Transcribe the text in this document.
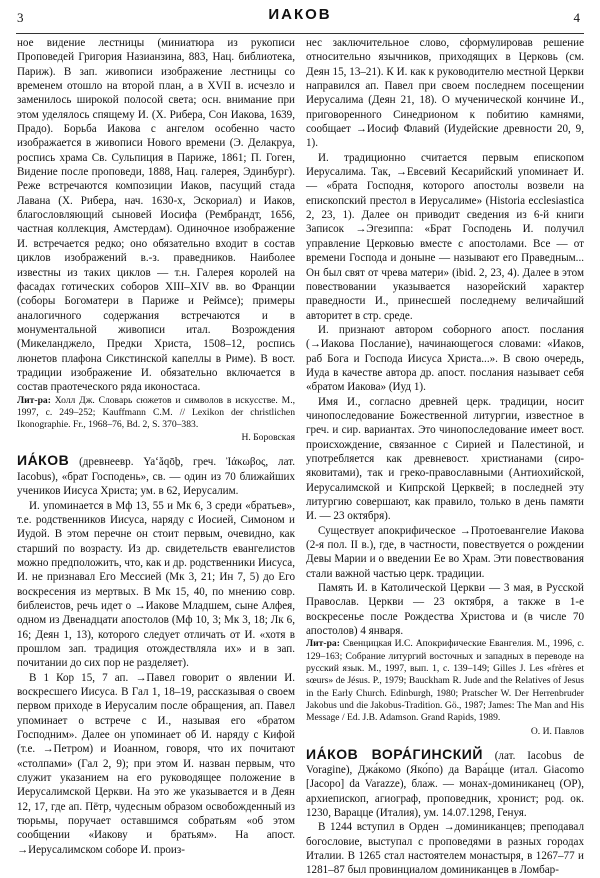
3	ИАКОВ	4

ное видение лестницы (миниатюра из рукописи Проповедей Григория Назианзина, 883, Нац. библиотека, Париж). В зап. живописи изображение лестницы со временем отошло на второй план, а в XVII в. исчезло и заменилось широкой полосой света; осн. внимание при этом уделялось спящему И. (Х. Рибера, Сон Иакова, 1639, Прадо). Борьба Иакова с ангелом особенно часто изображается в живописи Нового времени (Э. Делакруа, роспись храма Св. Сульпиция в Париже, 1861; П. Гоген, Видение после проповеди, 1888, Нац. галерея, Эдинбург). Реже встречаются композиции Иаков, пасущий стада Лавана (Х. Рибера, нач. 1630-х, Эскориал) и Иаков, благословляющий сыновей Иосифа (Рембрандт, 1656, частная коллекция, Амстердам). Одиночное изображение И. встречается редко; оно обязательно входит в состав циклов изображений в.-з. праведников. Наиболее известны из таких циклов — т.н. Галерея королей на фасадах готических соборов XIII–XIV вв. во Франции (соборы Богоматери в Париже и Реймсе); примеры аналогичного содержания встречаются и в монументальной живописи итал. Возрождения (Микеланджело, Предки Христа, 1508–12, роспись люнетов плафона Сикстинской капеллы в Риме). В вост. традиции изображение И. обязательно включается в состав праотеческого ряда иконостаса.

Лит-ра: Холл Дж. Словарь сюжетов и символов в искусстве. М., 1997, с. 249–252; Kauffmann C.M. // Lexikon der christlichen Ikonographie. Fr., 1968–76, Bd. 2, S. 370–383.

Н. Боровская

ИА́КОВ (древнеевр. Yaʻăqōḇ, греч. Ἰάκωβος, лат. Iacobus), «брат Господень», св. — один из 70 ближайших учеников Иисуса Христа; ум. в 62, Иерусалим.

И. упоминается в Мф 13, 55 и Мк 6, 3 среди «братьев», т.е. родственников Иисуса, наряду с Иосией, Симоном и Иудой. В этом перечне он стоит первым, очевидно, как старший по возрасту. Из др. свидетельств евангелистов можно предположить, что, как и др. родственники Иисуса, И. не признавал Его Мессией (Мк 3, 21; Ин 7, 5) до Его воскресения из мертвых. В Мк 15, 40, по мнению совр. библеистов, речь идет о →Иакове Младшем, сыне Алфея, одном из Двенадцати апостолов (Мф 10, 3; Мк 3, 18; Лк 6, 16; Деян 1, 13), которого следует отличать от И. «хотя в прошлом зап. традиция отождествляла их» и в зап. почитании до сих пор не разделяет).

В 1 Кор 15, 7 ап. →Павел говорит о явлении И. воскресшего Иисуса. В Гал 1, 18–19, рассказывая о своем первом приходе в Иерусалим после обращения, ап. Павел упоминает о встрече с И., называя его «братом Господним». Далее он упоминает об И. наряду с Кифой (т.е. →Петром) и Иоанном, говоря, что их почитают «столпами» (Гал 2, 9); при этом И. назван первым, что служит указанием на его руководящее положение в Иерусалимской Церкви. На это же указывается и в Деян 12, 17, где ап. Пётр, чудесным образом освобожденный из тюрьмы, поручает оставшимся собратьям «об этом сообщении «Иакову и братьям». На апост. →Иерусалимском соборе И. произ-

нес заключительное слово, сформулировав решение относительно язычников, приходящих в Церковь (см. Деян 15, 13–21). К И. как к руководителю местной Церкви направился ап. Павел при своем последнем посещении Иерусалима (Деян 21, 18). О мученической кончине И., приговоренного Синедрионом к побитию камнями, сообщает →Иосиф Флавий (Иудейские древности 20, 9, 1).

И. традиционно считается первым епископом Иерусалима. Так, →Евсевий Кесарийский упоминает И. — «брата Господня, которого апостолы возвели на епископский престол в Иерусалиме» (Historia ecclesiastica 2, 23, 1). Далее он приводит сведения из 6-й книги Записок →Эгезиппа: «Брат Господень И. получил управление Церковью вместе с апостолами. Все — от времени Господа и доныне — называют его Праведным... Он был свят от чрева матери» (ibid. 2, 23, 4). Далее в этом повествовании указывается назорейский характер праведности И., принесшей последнему величайший авторитет в стр. среде.

И. признают автором соборного апост. послания (→Иакова Послание), начинающегося словами: «Иаков, раб Бога и Господа Иисуса Христа...». В свою очередь, Иуда в качестве автора др. апост. послания называет себя «братом Иакова» (Иуд 1).

Имя И., согласно древней церк. традиции, носит чинопоследование Божественной литургии, известное в греч. и сир. вариантах. Это чинопоследование имеет вост. происхождение, связанное с Сирией и Палестиной, и употребляется как древневост. христианами (сиро-яковитами), так и греко-православными (Антиохийской, Иерусалимской и Кипрской Церквей; в последней эту литургию совершают, как правило, только в день памяти И. — 23 октября).

Существует апокрифическое →Протоевангелие Иакова (2-я пол. II в.), где, в частности, повествуется о рождении Девы Марии и о введении Ее во Храм. Эти повествования стали важной частью церк. традиции.

Память И. в Католической Церкви — 3 мая, в Русской Православ. Церкви — 23 октября, а также в 1-е воскресенье после Рождества Христова и (в числе 70 апостолов) 4 января.

Лит-ра: Свенцицкая И.С. Апокрифические Евангелия. М., 1996, с. 129–163; Собрание литургий восточных и западных в переводе на русский язык. М., 1997, вып. 1, с. 139–149; Gilles J. Les «frères et sœurs» de Jésus. P., 1979; Bauckham R. Jude and the Relatives of Jesus in the Early Church. Edinburgh, 1980; Pratscher W. Der Herrenbruder Jakobus und die Jakobus-Tradition. Gö., 1987; James: The Man and His Message / Ed. J.B. Adamson. Grand Rapids, 1989.

О. И. Павлов

ИА́КОВ ВОРА́ГИНСКИЙ (лат. Iacobus de Voragine), Джа́комо (Яко́по) да Вара́цце (итал. Giacomo [Jacopo] da Varazze), блаж. — монах-доминиканец (OP), архиепископ, агиограф, проповедник, хронист; род. ок. 1230, Варацце (Италия), ум. 14.07.1298, Генуя.

В 1244 вступил в Орден →доминиканцев; преподавал богословие, выступал с проповедями в разных городах Италии. В 1265 стал настоятелем монастыря, в 1267–77 и 1281–87 был провинциалом доминиканцев в Ломбар-
